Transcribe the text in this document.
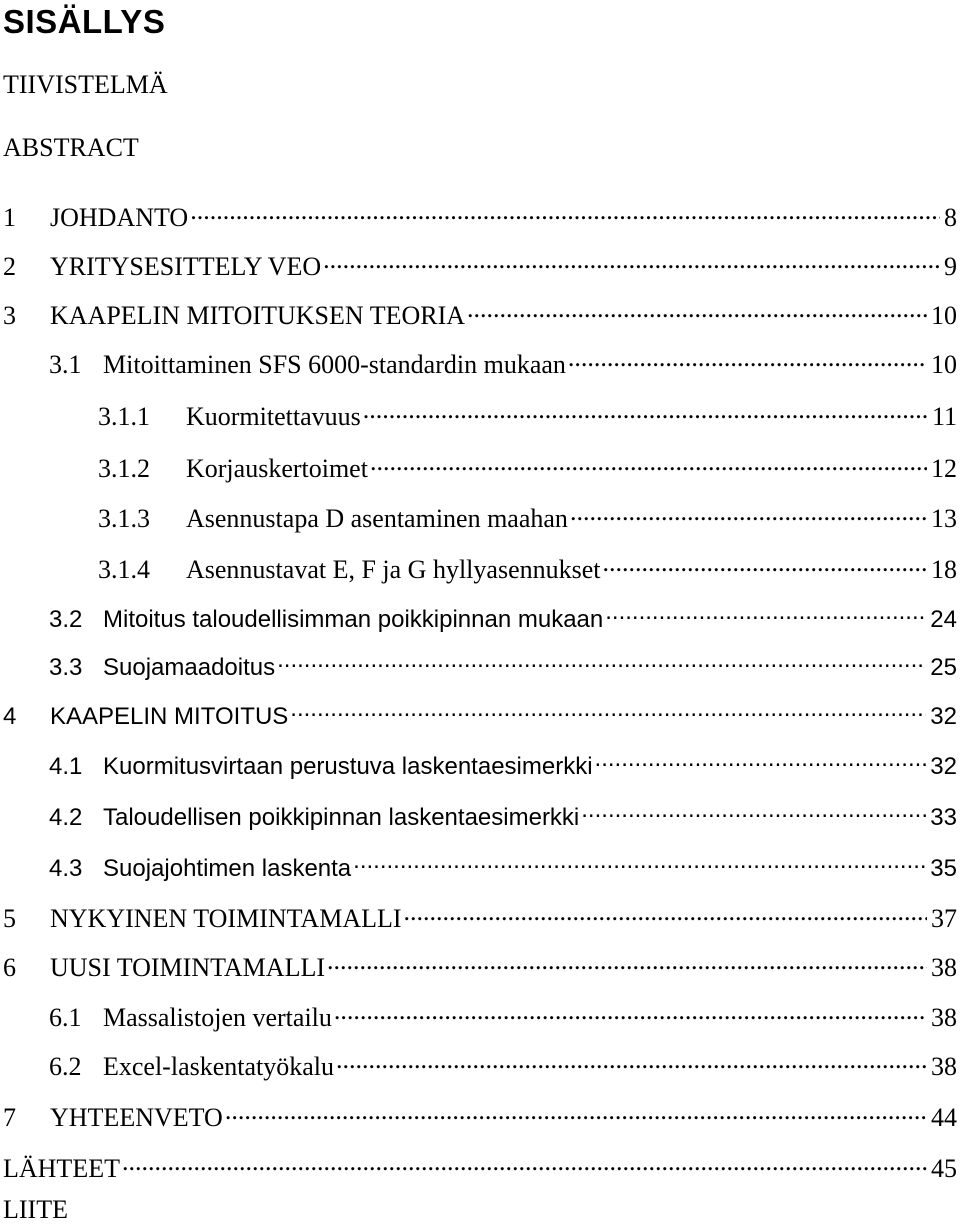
SISÄLLYS
TIIVISTELMÄ
ABSTRACT
1	JOHDANTO .....	8
2	YRITYSESITTELY VEO .....	9
3	KAAPELIN MITOITUKSEN TEORIA .....	10
3.1 Mitoittaminen SFS 6000-standardin mukaan .....	10
3.1.1	Kuormitettavuus .....	11
3.1.2	Korjauskertoimet .....	12
3.1.3	Asennustapa D asentaminen maahan .....	13
3.1.4	Asennustavat E, F ja G hyllyasennukset .....	18
3.2 Mitoitus taloudellisimman poikkipinnan mukaan .....	24
3.3 Suojamaadoitus .....	25
4	KAAPELIN MITOITUS .....	32
4.1 Kuormitusvirtaan perustuva laskentaesimerkki .....	32
4.2 Taloudellisen poikkipinnan laskentaesimerkki .....	33
4.3 Suojajohtimen laskenta .....	35
5	NYKYINEN TOIMINTAMALLI .....	37
6	UUSI TOIMINTAMALLI .....	38
6.1 Massalistojen vertailu .....	38
6.2 Excel-laskentatyökalu .....	38
7	YHTEENVETO .....	44
LÄHTEET .....	45
LIITE
